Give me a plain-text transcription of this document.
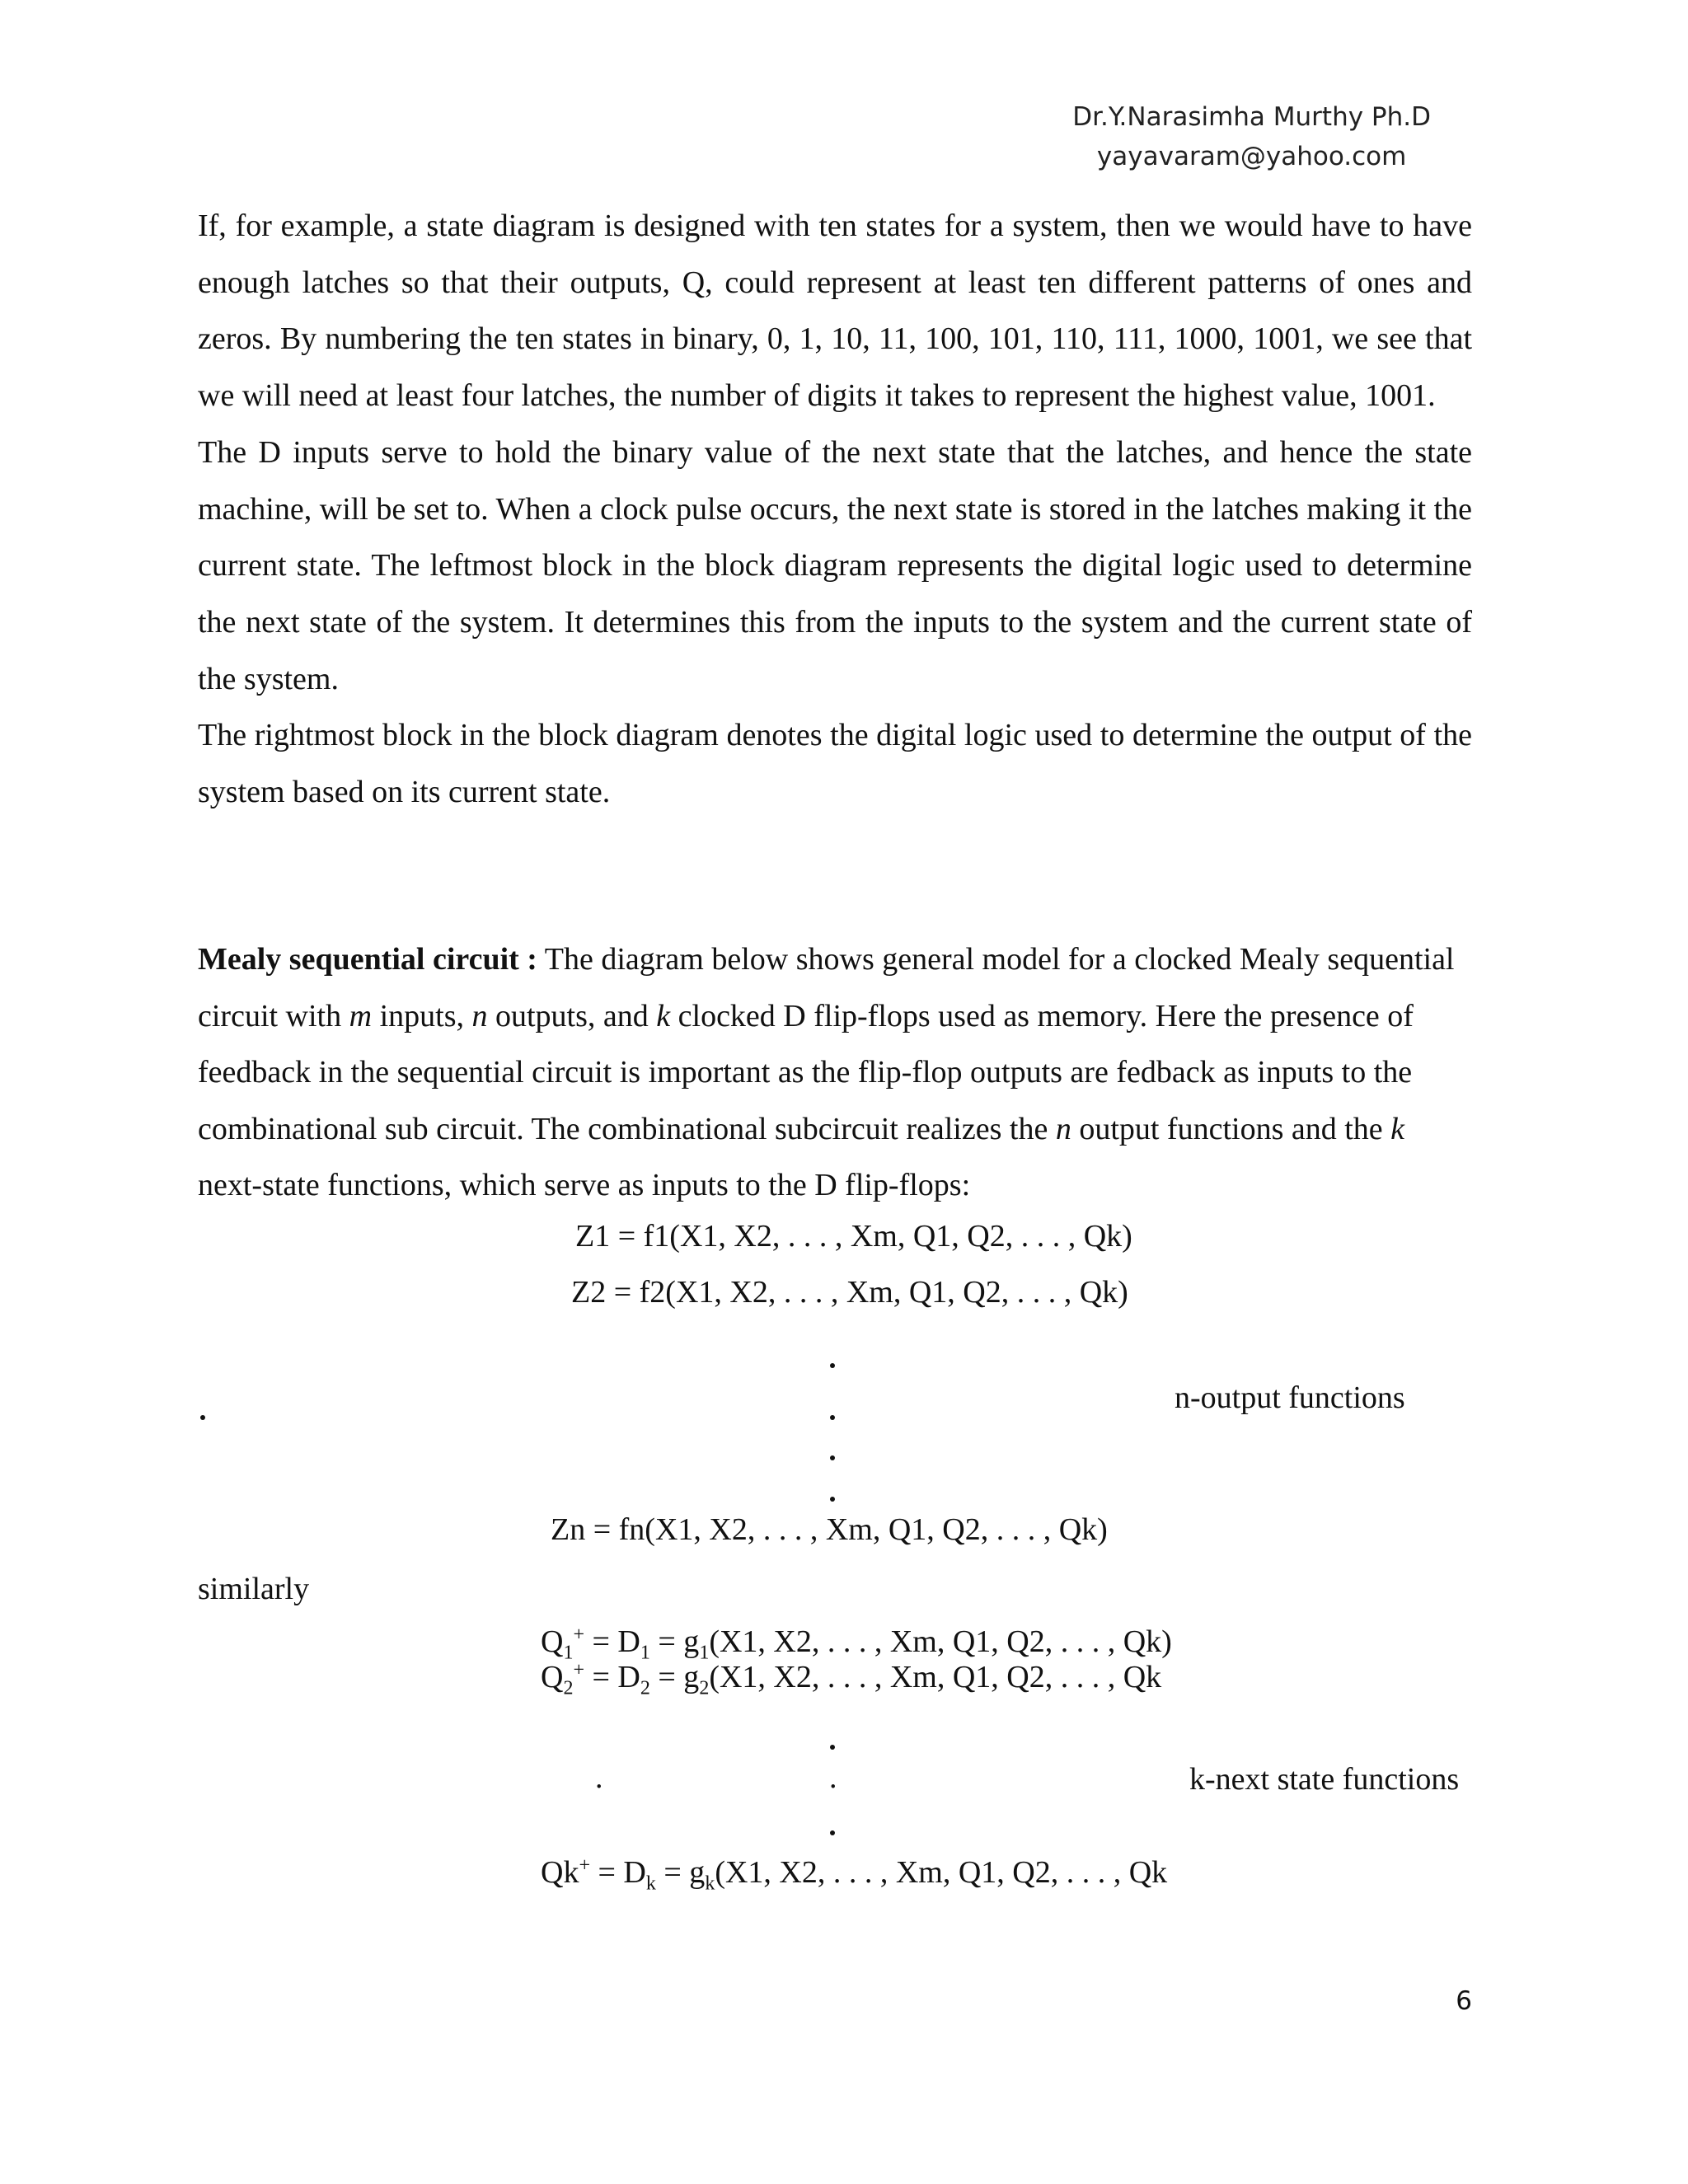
Dr.Y.Narasimha Murthy Ph.D
yayavaram@yahoo.com

If, for example, a state diagram is designed with ten states for a system, then we would have to have enough latches so that their outputs, Q, could represent at least ten different patterns of ones and zeros. By numbering the ten states in binary, 0, 1, 10, 11, 100, 101, 110, 111, 1000, 1001, we see that we will need at least four latches, the number of digits it takes to represent the highest value, 1001.

The D inputs serve to hold the binary value of the next state that the latches, and hence the state machine, will be set to. When a clock pulse occurs, the next state is stored in the latches making it the current state. The leftmost block in the block diagram represents the digital logic used to determine the next state of the system. It determines this from the inputs to the system and the current state of the system.

The rightmost block in the block diagram denotes the digital logic used to determine the output of the system based on its current state.

Mealy sequential circuit : The diagram below shows general model for a clocked Mealy sequential circuit with m inputs, n outputs, and k clocked D flip-flops used as memory. Here the presence of feedback in the sequential circuit is important as the flip-flop outputs are fedback as inputs to the combinational sub circuit. The combinational subcircuit realizes the n output functions and the k next-state functions, which serve as inputs to the D flip-flops:

Z1 = f1(X1, X2, . . . , Xm, Q1, Q2, . . . , Qk)
Z2 = f2(X1, X2, . . . , Xm, Q1, Q2, . . . , Qk)
n-output functions
Zn = fn(X1, X2, . . . , Xm, Q1, Q2, . . . , Qk)
similarly
$Q_1^+ = D_1 = g_1(X1$, X2, . . . , Xm, Q1, Q2, . . . , Qk)
$Q_2^+ = D_2 = g_2(X1$, X2, . . . , Xm, Q1, Q2, . . . , Qk
.	.	k-next state functions
$Qk^+ = D_k = g_k(X1$, X2, . . . , Xm, Q1, Q2, . . . , Qk
6
